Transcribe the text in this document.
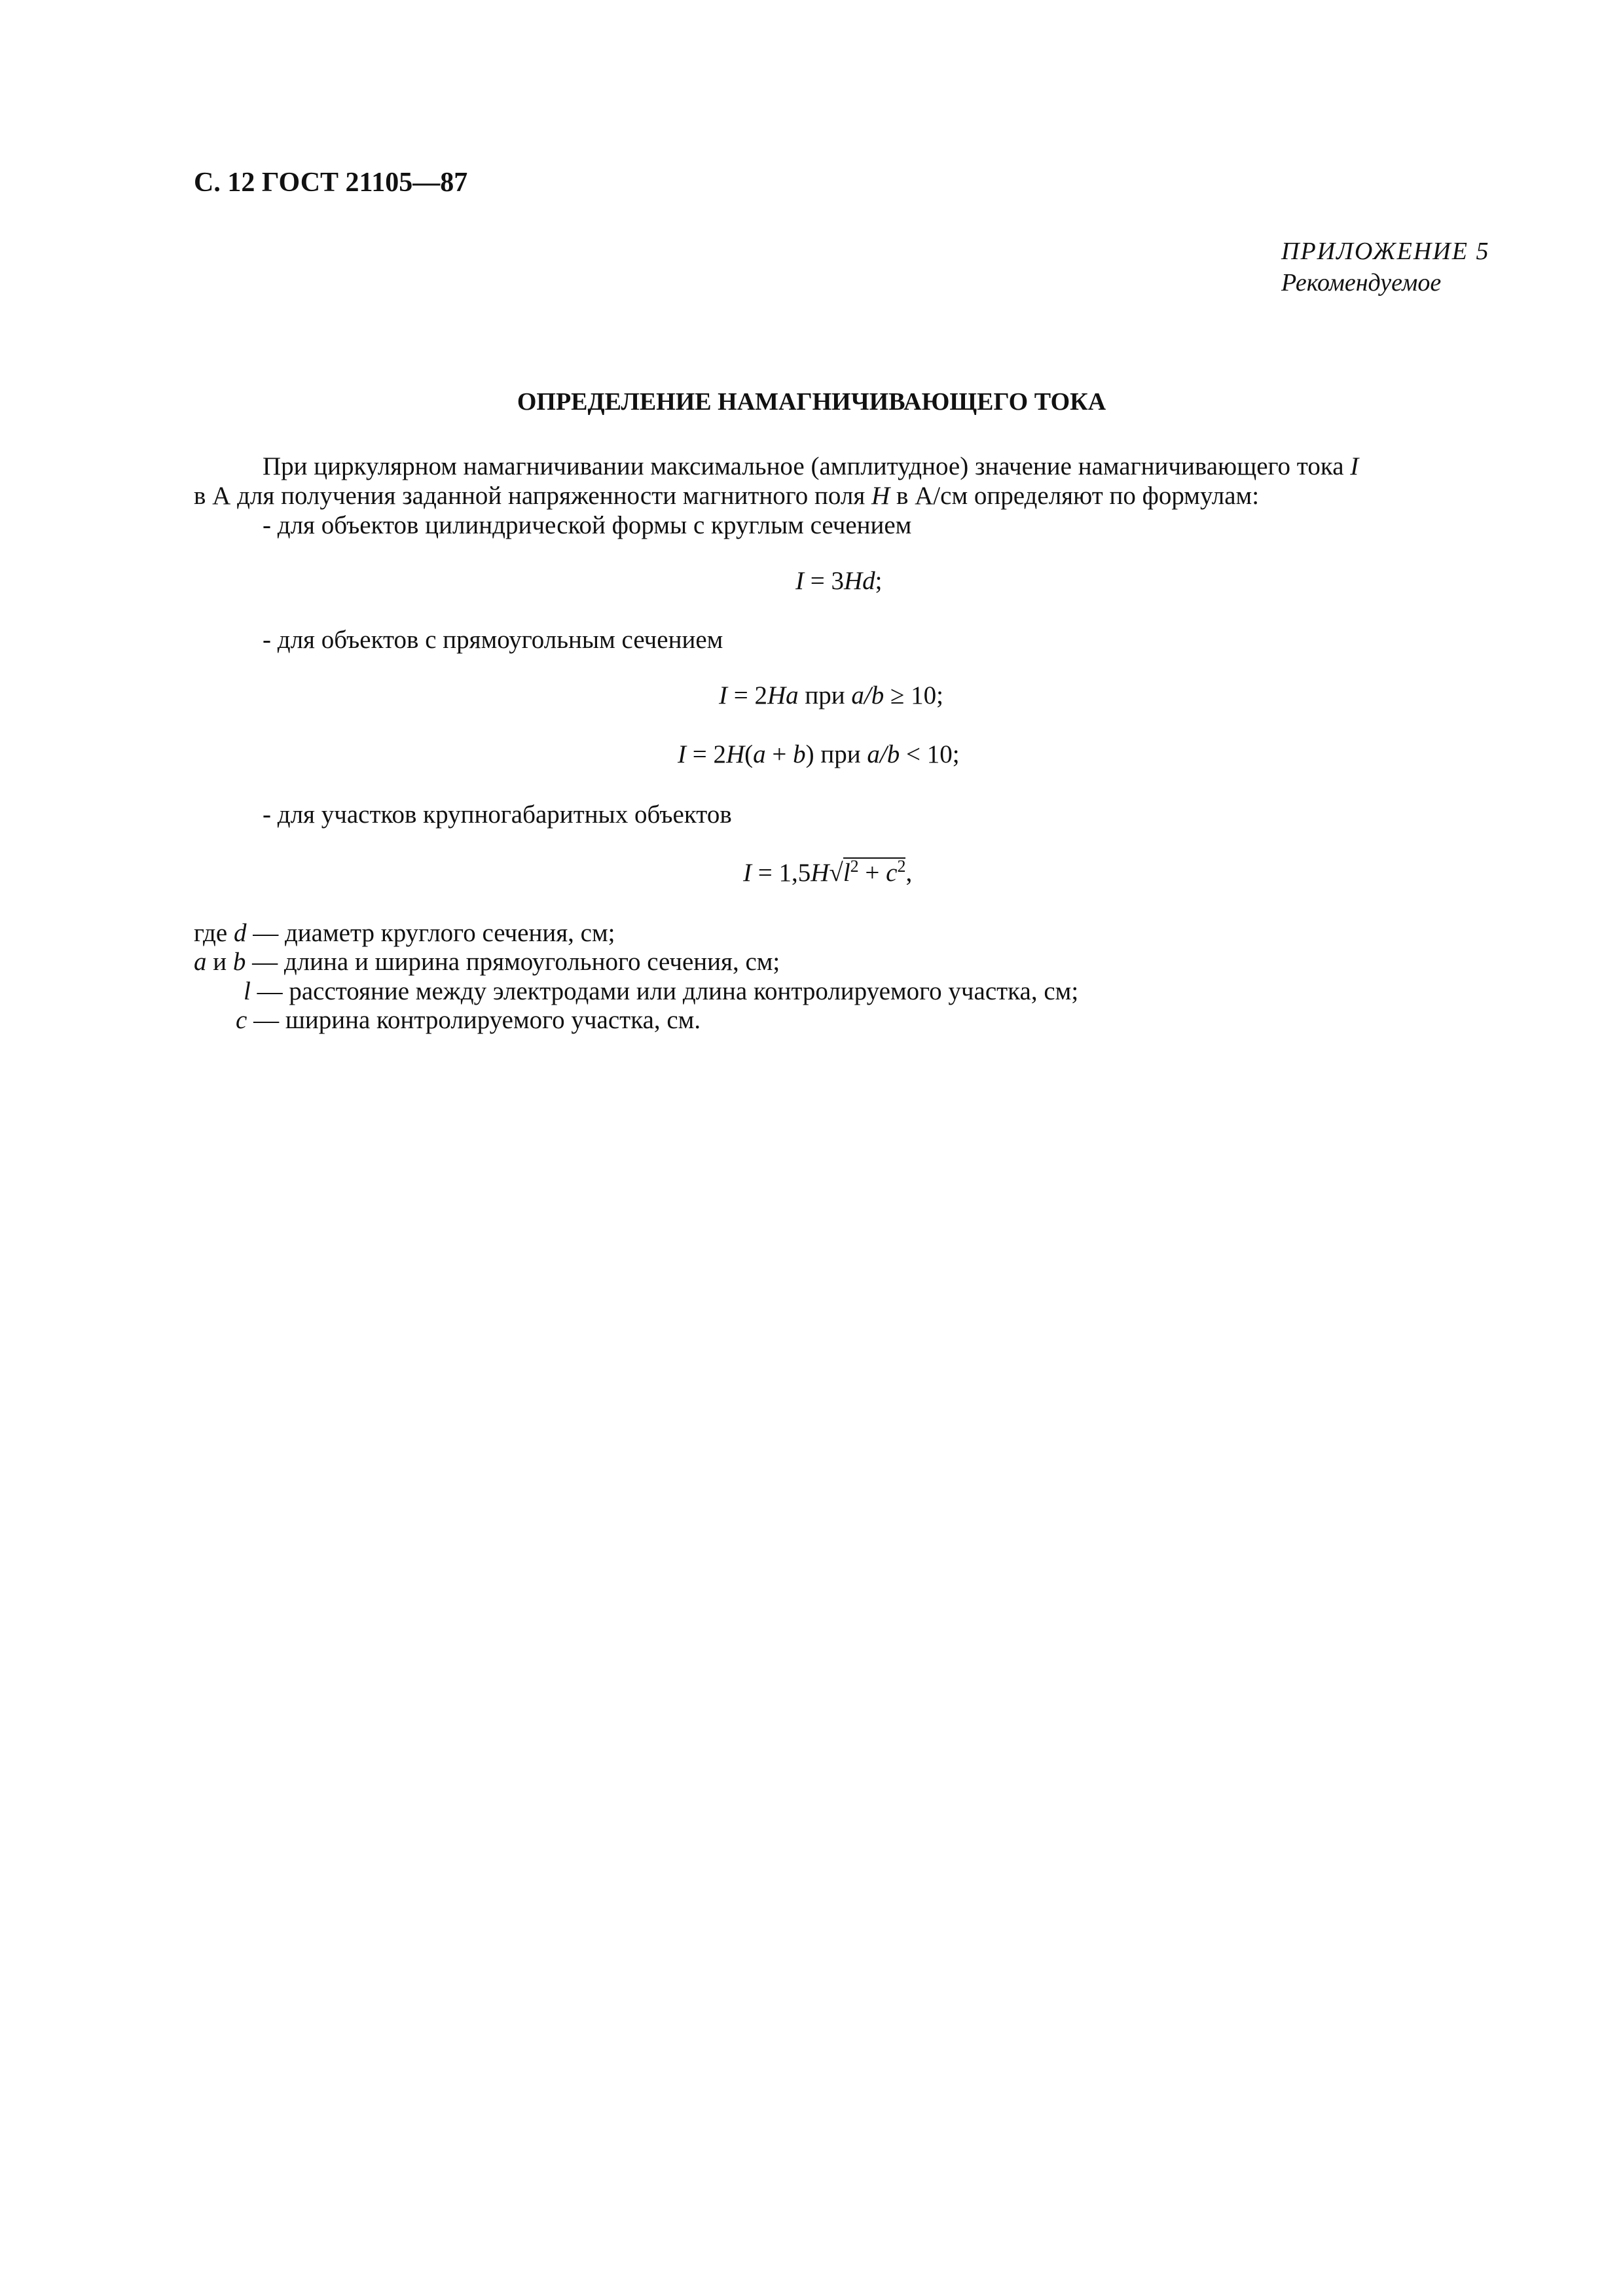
С. 12 ГОСТ 21105—87
ПРИЛОЖЕНИЕ 5
Рекомендуемое
ОПРЕДЕЛЕНИЕ НАМАГНИЧИВАЮЩЕГО ТОКА
При циркулярном намагничивании максимальное (амплитудное) значение намагничивающего тока I
в А для получения заданной напряженности магнитного поля H в А/см определяют по формулам:
- для объектов цилиндрической формы с круглым сечением
I = 3Hd;
- для объектов с прямоугольным сечением
I = 2Ha при a/b ≥ 10;
I = 2H(a + b) при a/b < 10;
- для участков крупногабаритных объектов
$I = 1,5H√l^2 + c^2$,
где d — диаметр круглого сечения, см;
a и b — длина и ширина прямоугольного сечения, см;
l — расстояние между электродами или длина контролируемого участка, см;
c — ширина контролируемого участка, см.
